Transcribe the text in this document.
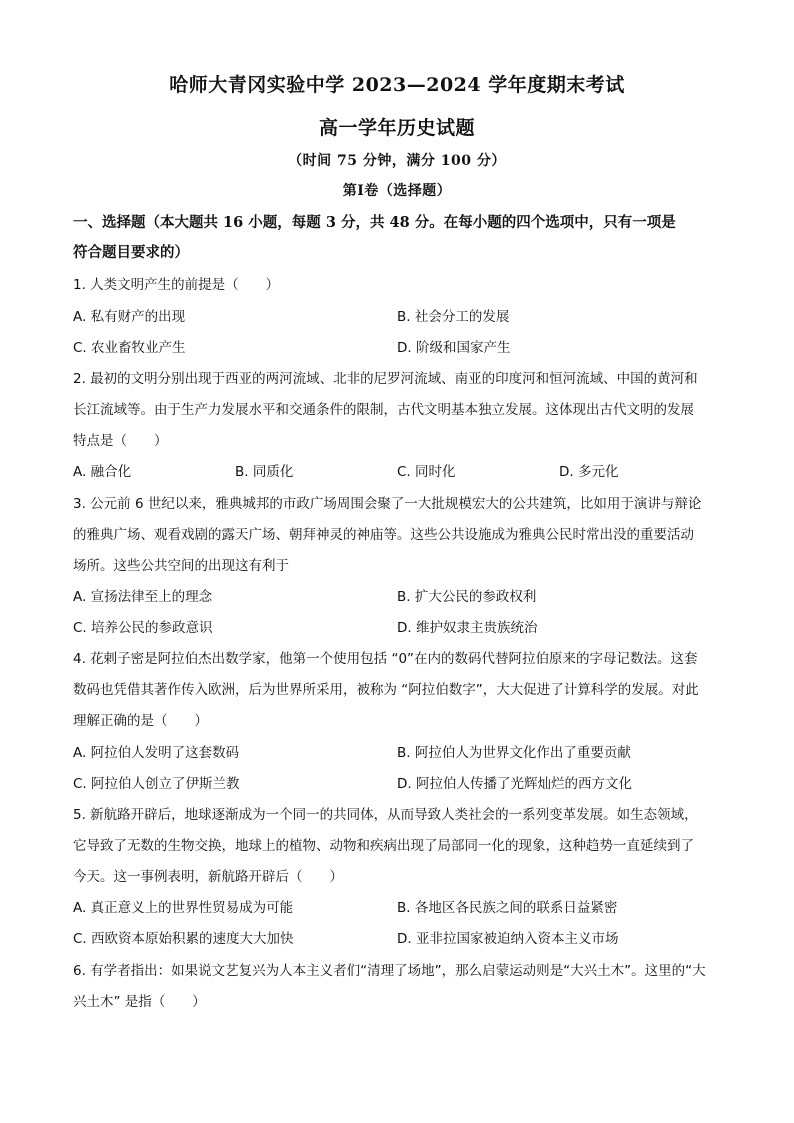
哈师大青冈实验中学 2023—2024 学年度期末考试
高一学年历史试题
（时间 75 分钟，满分 100 分）
第Ⅰ卷（选择题）
一、选择题（本大题共 16 小题，每题 3 分，共 48 分。在每小题的四个选项中，只有一项是
符合题目要求的）
1. 人类文明产生的前提是（　　）
A. 私有财产的出现	B. 社会分工的发展
C. 农业畜牧业产生	D. 阶级和国家产生
2. 最初的文明分别出现于西亚的两河流域、北非的尼罗河流域、南亚的印度河和恒河流域、中国的黄河和
长江流域等。由于生产力发展水平和交通条件的限制，古代文明基本独立发展。这体现出古代文明的发展
特点是（　　）
A. 融合化	B. 同质化	C. 同时化	D. 多元化
3. 公元前 6 世纪以来，雅典城邦的市政广场周围会聚了一大批规模宏大的公共建筑，比如用于演讲与辩论
的雅典广场、观看戏剧的露天广场、朝拜神灵的神庙等。这些公共设施成为雅典公民时常出没的重要活动
场所。这些公共空间的出现这有利于
A. 宣扬法律至上的理念	B. 扩大公民的参政权利
C. 培养公民的参政意识	D. 维护奴隶主贵族统治
4. 花剌子密是阿拉伯杰出数学家，他第一个使用包括 “0”在内的数码代替阿拉伯原来的字母记数法。这套
数码也凭借其著作传入欧洲，后为世界所采用，被称为 “阿拉伯数字”，大大促进了计算科学的发展。对此
理解正确的是（　　）
A. 阿拉伯人发明了这套数码	B. 阿拉伯人为世界文化作出了重要贡献
C. 阿拉伯人创立了伊斯兰教	D. 阿拉伯人传播了光辉灿烂的西方文化
5. 新航路开辟后，地球逐渐成为一个同一的共同体，从而导致人类社会的一系列变革发展。如生态领域，
它导致了无数的生物交换，地球上的植物、动物和疾病出现了局部同一化的现象，这种趋势一直延续到了
今天。这一事例表明，新航路开辟后（　　）
A. 真正意义上的世界性贸易成为可能	B. 各地区各民族之间的联系日益紧密
C. 西欧资本原始积累的速度大大加快	D. 亚非拉国家被迫纳入资本主义市场
6. 有学者指出：如果说文艺复兴为人本主义者们“清理了场地”，那么启蒙运动则是“大兴土木”。这里的“大
兴土木” 是指（　　）
